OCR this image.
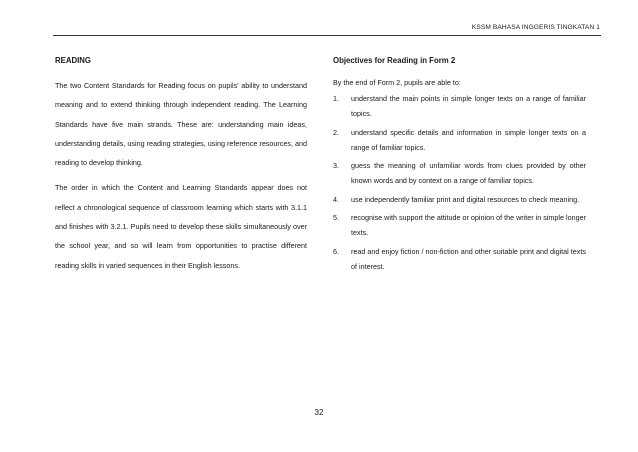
KSSM BAHASA INGGERIS TINGKATAN 1
READING

The two Content Standards for Reading focus on pupils' ability to understand meaning and to extend thinking through independent reading. The Learning Standards have five main strands. These are: understanding main ideas, understanding details, using reading strategies, using reference resources, and reading to develop thinking.

The order in which the Content and Learning Standards appear does not reflect a chronological sequence of classroom learning which starts with 3.1.1 and finishes with 3.2.1. Pupils need to develop these skills simultaneously over the school year, and so will learn from opportunities to practise different reading skills in varied sequences in their English lessons.

Objectives for Reading in Form 2
By the end of Form 2, pupils are able to:
1.	understand the main points in simple longer texts on a range of familiar topics.
2.	understand specific details and information in simple longer texts on a range of familiar topics.
3.	guess the meaning of unfamiliar words from clues provided by other known words and by context on a range of familiar topics.
4.	use independently familiar print and digital resources to check meaning.
5.	recognise with support the attitude or opinion of the writer in simple longer texts.
6.	read and enjoy fiction / non-fiction and other suitable print and digital texts of interest.
32
